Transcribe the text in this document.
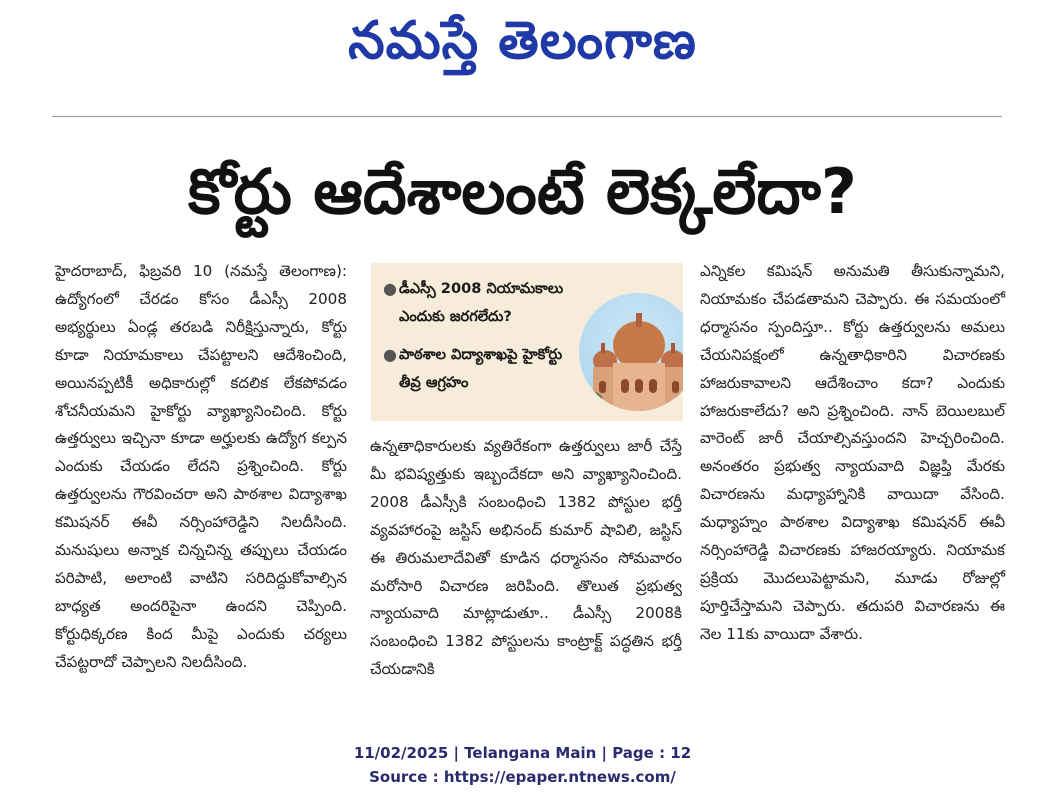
నమస్తే తెలంగాణ
కోర్టు ఆదేశాలంటే లెక్కలేదా?
హైదరాబాద్, ఫిబ్రవరి 10 (నమస్తే తెలంగాణ): ఉద్యోగంలో చేరడం కోసం డీఎస్సీ 2008 అభ్యర్థులు ఏండ్ల తరబడి నిరీక్షిస్తున్నారు, కోర్టు కూడా నియామకాలు చేపట్టాలని ఆదేశించింది, అయినప్పటికీ అధికారుల్లో కదలిక లేకపోవడం శోచనీయమని హైకోర్టు వ్యాఖ్యానించింది. కోర్టు ఉత్తర్వులు ఇచ్చినా కూడా అర్హులకు ఉద్యోగ కల్పన ఎందుకు చేయడం లేదని ప్రశ్నించింది. కోర్టు ఉత్తర్వులను గౌరవించరా అని పాఠశాల విద్యాశాఖ కమిషనర్ ఈవీ నర్సింహారెడ్డిని నిలదీసింది. మనుషులు అన్నాక చిన్నచిన్న తప్పులు చేయడం పరిపాటి, అలాంటి వాటిని సరిదిద్దుకోవాల్సిన బాధ్యత అందరిపైనా ఉందని చెప్పింది. కోర్టుధిక్కరణ కింద మీపై ఎందుకు చర్యలు చేపట్టరాదో చెప్పాలని నిలదీసింది.
● డీఎస్సీ 2008 నియామకాలు ఎందుకు జరగలేదు?
● పాఠశాల విద్యాశాఖపై హైకోర్టు తీవ్ర ఆగ్రహం
ఉన్నతాధికారులకు వ్యతిరేకంగా ఉత్తర్వులు జారీ చేస్తే మీ భవిష్యత్తుకు ఇబ్బందేకదా అని వ్యాఖ్యానించింది. 2008 డీఎస్సీకి సంబంధించి 1382 పోస్టుల భర్తీ వ్యవహారంపై జస్టిస్ అభినంద్ కుమార్ షావిలి, జస్టిస్ ఈ తిరుమలాదేవితో కూడిన ధర్మాసనం సోమవారం మరోసారి విచారణ జరిపింది. తొలుత ప్రభుత్వ న్యాయవాది మాట్లాడుతూ.. డీఎస్సీ 2008కి సంబంధించి 1382 పోస్టులను కాంట్రాక్ట్ పద్ధతిన భర్తీ చేయడానికి
ఎన్నికల కమిషన్ అనుమతి తీసుకున్నామని, నియామకం చేపడతామని చెప్పారు. ఈ సమయంలో ధర్మాసనం స్పందిస్తూ.. కోర్టు ఉత్తర్వులను అమలు చేయనిపక్షంలో ఉన్నతాధికారిని విచారణకు హాజరుకావాలని ఆదేశించాం కదా? ఎందుకు హాజరుకాలేదు? అని ప్రశ్నించింది. నాన్ బెయిలబుల్ వారెంట్ జారీ చేయాల్సివస్తుందని హెచ్చరించింది. అనంతరం ప్రభుత్వ న్యాయవాది విజ్ఞప్తి మేరకు విచారణను మధ్యాహ్నానికి వాయిదా వేసింది. మధ్యాహ్నం పాఠశాల విద్యాశాఖ కమిషనర్ ఈవీ నర్సింహారెడ్డి విచారణకు హాజరయ్యారు. నియామక ప్రక్రియ మొదలుపెట్టామని, మూడు రోజుల్లో పూర్తిచేస్తామని చెప్పారు. తదుపరి విచారణను ఈ నెల 11కు వాయిదా వేశారు.
11/02/2025 | Telangana Main | Page : 12
Source : https://epaper.ntnews.com/
